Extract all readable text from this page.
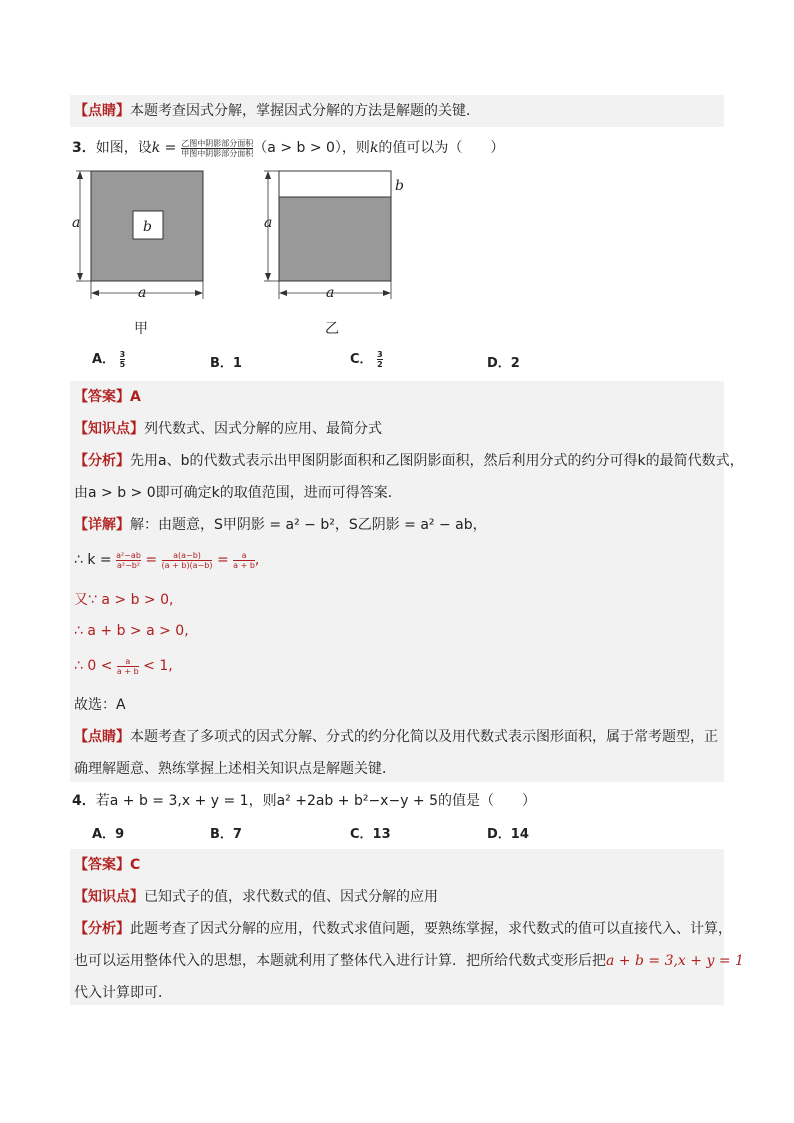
【点睛】本题考查因式分解，掌握因式分解的方法是解题的关键．
3．如图，设$k = \frac{\text{乙图中阴影部分面积}}{\text{甲图中阴影部分面积}} (a > b > 0)$，则k的值可以为（　　）
a	b
a
甲
a
b
a
乙
A． $\frac{3}{5}$	B．1	C． $\frac{3}{2}$	D．2
【答案】A
【知识点】列代数式、因式分解的应用、最简分式
【分析】先用a、b的代数式表示出甲图阴影面积和乙图阴影面积，然后利用分式的约分可得k的最简代数式，
由a > b > 0即可确定k的取值范围，进而可得答案．
【详解】解：由题意，S甲阴影 = a² − b²，S乙阴影 = a² − ab，
∴ $k = \frac{\text{a²−ab}}{\text{a²−b²}} = \frac{a(a-b)}{(a + b)(a-b)} = \frac{a}{a + b}$ ,
又∵ a > b > 0,
∴ a + b > a > 0,
∴ $0 < \frac{a}{a + b} < 1$,
故选：A
【点睛】本题考查了多项式的因式分解、分式的约分化简以及用代数式表示图形面积，属于常考题型，正
确理解题意、熟练掌握上述相关知识点是解题关键．
4．若a + b = 3,x + y = 1，则a² +2ab + b²−x−y + 5的值是（　　）
A．9	B．7	C．13	D．14
【答案】C
【知识点】已知式子的值，求代数式的值、因式分解的应用
【分析】此题考查了因式分解的应用，代数式求值问题，要熟练掌握，求代数式的值可以直接代入、计算，
也可以运用整体代入的思想，本题就利用了整体代入进行计算．把所给代数式变形后把a + b = 3,x + y = 1
代入计算即可．
